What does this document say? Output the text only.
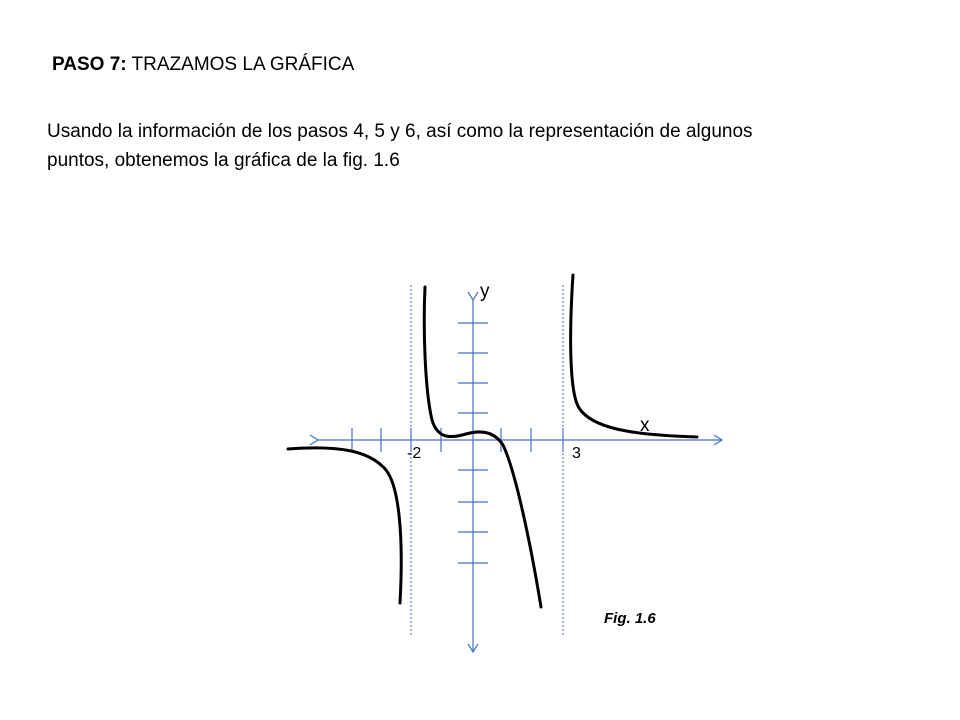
PASO 7: TRAZAMOS LA GRÁFICA
Usando la información de los pasos 4, 5 y 6, así como la representación de algunos
puntos, obtenemos la gráfica de la fig. 1.6
y
x
-2	3
Fig. 1.6
